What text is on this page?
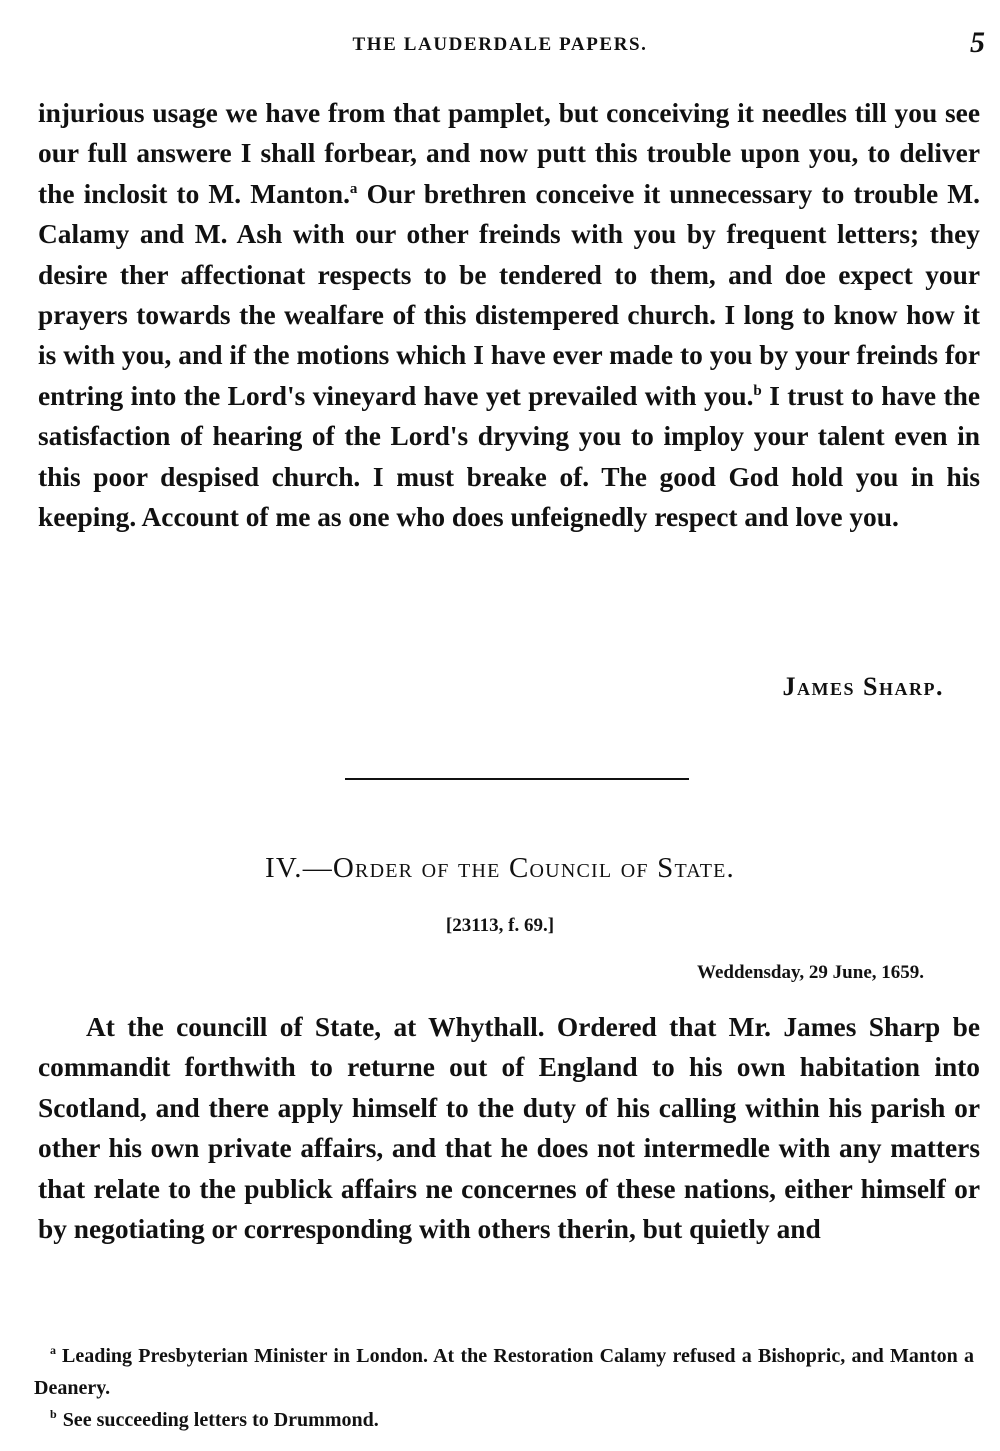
THE LAUDERDALE PAPERS.	5

injurious usage we have from that pamplet, but conceiving it needles till you see our full answere I shall forbear, and now putt this trouble upon you, to deliver the inclosit to M. Manton.$^a$ Our brethren conceive it unnecessary to trouble M. Calamy and M. Ash with our other freinds with you by frequent letters; they desire ther affectionat respects to be tendered to them, and doe expect your prayers towards the wealfare of this distempered church. I long to know how it is with you, and if the motions which I have ever made to you by your freinds for entring into the Lord's vineyard have yet prevailed with you.$^b$ I trust to have the satisfaction of hearing of the Lord's dryving you to imploy your talent even in this poor despised church. I must breake of. The good God hold you in his keeping. Account of me as one who does unfeignedly respect and love you.

James Sharp.
IV.—Order of the Council of State.
[23113, f. 69.]
Weddensday, 29 June, 1659.

At the councill of State, at Whythall. Ordered that Mr. James Sharp be commandit forthwith to returne out of England to his own habitation into Scotland, and there apply himself to the duty of his calling within his parish or other his own private affairs, and that he does not intermedle with any matters that relate to the publick affairs ne concernes of these nations, either himself or by negotiating or corresponding with others therin, but quietly and

$^a$ Leading Presbyterian Minister in London. At the Restoration Calamy refused a Bishopric, and Manton a Deanery.

$^b$ See succeeding letters to Drummond.
